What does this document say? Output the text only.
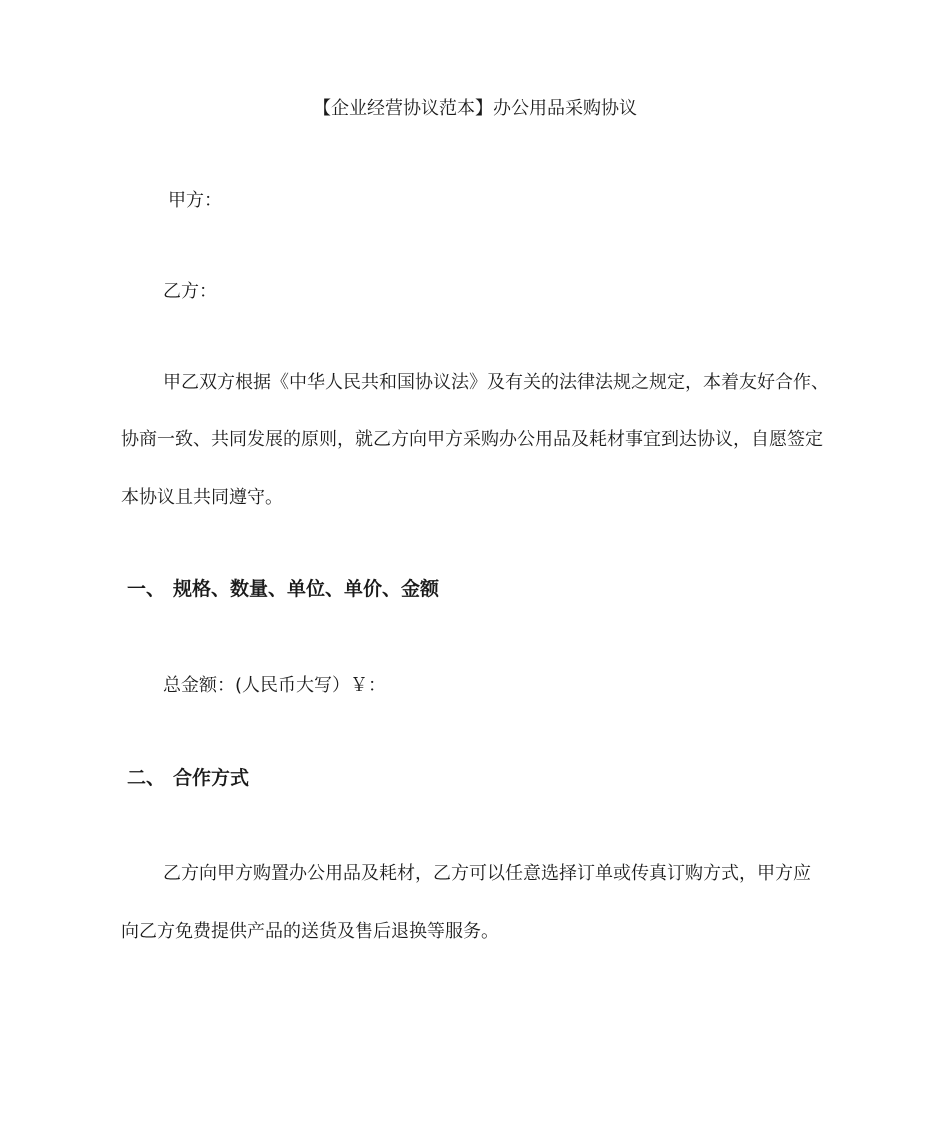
【企业经营协议范本】办公用品采购协议
甲方：
乙方：
甲乙双方根据《中华人民共和国协议法》及有关的法律法规之规定，本着友好合作、
协商一致、共同发展的原则，就乙方向甲方采购办公用品及耗材事宜到达协议，自愿签定
本协议且共同遵守。
一、 规格、数量、单位、单价、金额
总金额：(人民币大写）￥：
二、 合作方式
乙方向甲方购置办公用品及耗材，乙方可以任意选择订单或传真订购方式，甲方应
向乙方免费提供产品的送货及售后退换等服务。
